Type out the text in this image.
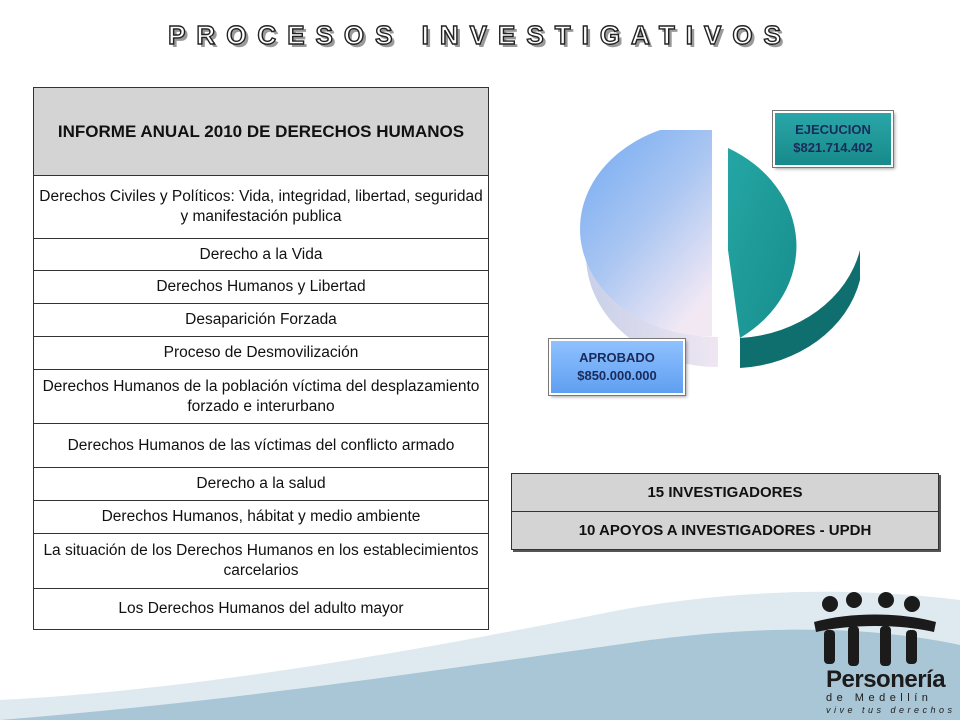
PROCESOS INVESTIGATIVOS
INFORME ANUAL 2010 DE DERECHOS HUMANOS
Derechos Civiles y Políticos: Vida, integridad, libertad, seguridad y manifestación publica
Derecho a la Vida
Derechos Humanos y Libertad
Desaparición Forzada
Proceso de Desmovilización
Derechos Humanos de la población víctima del desplazamiento forzado e interurbano
Derechos Humanos de las víctimas del conflicto armado
Derecho a la salud
Derechos Humanos, hábitat y medio ambiente
La situación de los Derechos Humanos en los establecimientos carcelarios
Los Derechos Humanos del adulto mayor
EJECUCION
$821.714.402
APROBADO
$850.000.000
15 INVESTIGADORES
10 APOYOS A INVESTIGADORES - UPDH
Personería
de Medellín
vive tus derechos
